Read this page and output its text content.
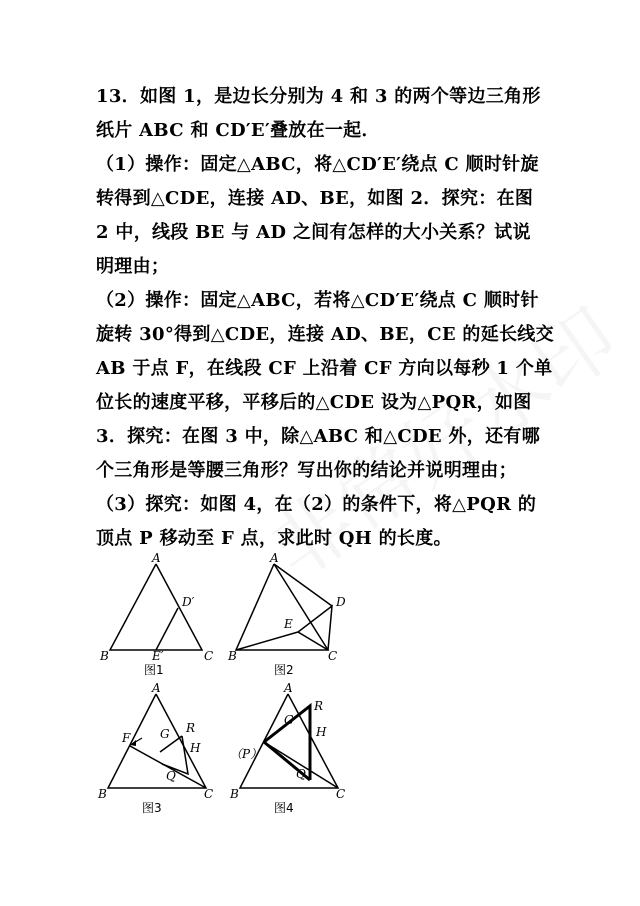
13．如图 1，是边长分别为 4 和 3 的两个等边三角形
纸片 ABC 和 CD′E′叠放在一起．
（1）操作：固定△ABC，将△CD′E′绕点 C 顺时针旋
转得到△CDE，连接 AD、BE，如图 2．探究：在图
2 中，线段 BE 与 AD 之间有怎样的大小关系？试说
明理由；
（2）操作：固定△ABC，若将△CD′E′绕点 C 顺时针
旋转 30°得到△CDE，连接 AD、BE，CE 的延长线交
AB 于点 F，在线段 CF 上沿着 CF 方向以每秒 1 个单
位长的速度平移，平移后的△CDE 设为△PQR，如图
3．探究：在图 3 中，除△ABC 和△CDE 外，还有哪
个三角形是等腰三角形？写出你的结论并说明理由；
（3）探究：如图 4，在（2）的条件下，将△PQR 的
顶点 P 移动至 F 点，求此时 QH 的长度。
A
B	C
D′
E′
图1
A
B	C
D
E
图2
A
B	C
F G R
H
Q
图3
A
B	C
（P）
G
R
H
Q
图4
